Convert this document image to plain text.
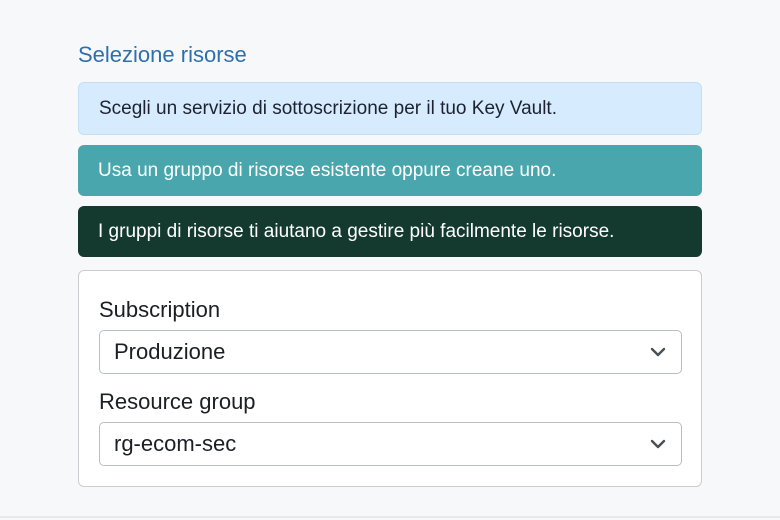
Selezione risorse
Scegli un servizio di sottoscrizione per il tuo Key Vault.
Usa un gruppo di risorse esistente oppure creane uno.
I gruppi di risorse ti aiutano a gestire più facilmente le risorse.
Subscription
Produzione
Resource group
rg-ecom-sec
